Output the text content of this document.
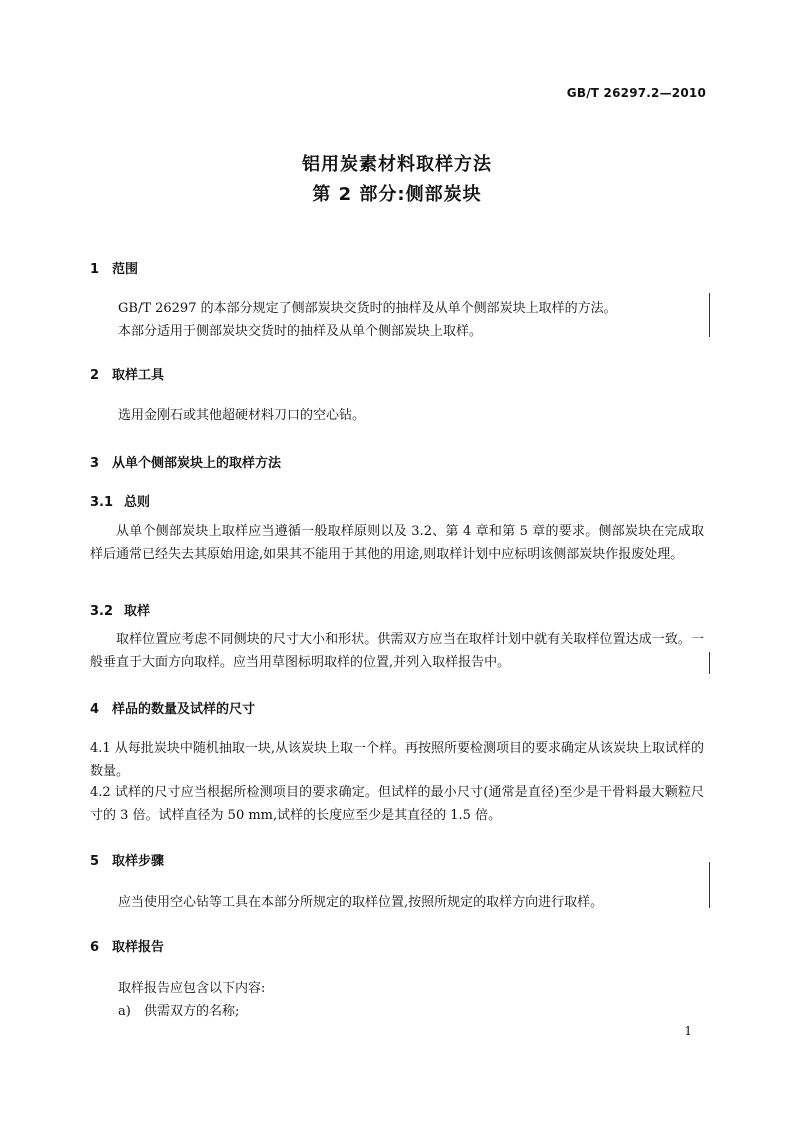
GB/T 26297.2—2010
铝用炭素材料取样方法
第 2 部分:侧部炭块
1 范围
GB/T 26297 的本部分规定了侧部炭块交货时的抽样及从单个侧部炭块上取样的方法。
本部分适用于侧部炭块交货时的抽样及从单个侧部炭块上取样。
2 取样工具
选用金刚石或其他超硬材料刀口的空心钻。
3 从单个侧部炭块上的取样方法
3.1 总则
从单个侧部炭块上取样应当遵循一般取样原则以及 3.2、第 4 章和第 5 章的要求。侧部炭块在完成取样后通常已经失去其原始用途,如果其不能用于其他的用途,则取样计划中应标明该侧部炭块作报废处理。
3.2 取样
取样位置应考虑不同侧块的尺寸大小和形状。供需双方应当在取样计划中就有关取样位置达成一致。一般垂直于大面方向取样。应当用草图标明取样的位置,并列入取样报告中。
4 样品的数量及试样的尺寸
4.1 从每批炭块中随机抽取一块,从该炭块上取一个样。再按照所要检测项目的要求确定从该炭块上取试样的数量。
4.2 试样的尺寸应当根据所检测项目的要求确定。但试样的最小尺寸(通常是直径)至少是干骨料最大颗粒尺寸的 3 倍。试样直径为 50 mm,试样的长度应至少是其直径的 1.5 倍。
5 取样步骤
应当使用空心钻等工具在本部分所规定的取样位置,按照所规定的取样方向进行取样。
6 取样报告
取样报告应包含以下内容:
a) 供需双方的名称;
1
